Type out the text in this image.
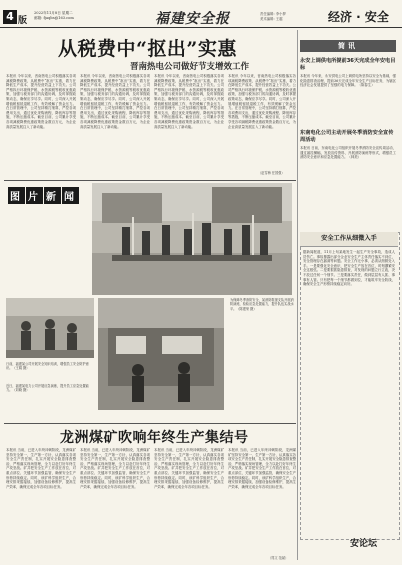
4 版
2022年11月8日 星期二
邮箱: fjaqbs@163.com	福建安全报	责任编辑: 李小梦
美术编辑: 王越	经济 · 安全
从税费中“抠出”实惠
晋南热电公司做好节支增效工作
本报讯 今年以来，晋南热电公司积极落实各项减税降费政策，从税费中“抠出”实惠，着力在降低生产成本、提升经营效益上下功夫。公司严格执行环境保护税、水资源税等税收优惠政策，加强与税务部门的沟通协调，及时掌握政策动态，确保应享尽享。同时，公司深入开展增值税留抵退税工作，有效缓解了资金压力。在日常管理中，公司坚持精打细算，严控各项费用支出，通过优化采购流程、降低库存等措施，不断压缩成本。截至目前，公司累计享受各项减税降费优惠政策资金数百万元，为企业高质量发展注入了新动能。
本报讯 今年以来，晋南热电公司积极落实各项减税降费政策，从税费中“抠出”实惠，着力在降低生产成本、提升经营效益上下功夫。公司严格执行环境保护税、水资源税等税收优惠政策，加强与税务部门的沟通协调，及时掌握政策动态，确保应享尽享。同时，公司深入开展增值税留抵退税工作，有效缓解了资金压力。在日常管理中，公司坚持精打细算，严控各项费用支出，通过优化采购流程、降低库存等措施，不断压缩成本。截至目前，公司累计享受各项减税降费优惠政策资金数百万元，为企业高质量发展注入了新动能。
本报讯 今年以来，晋南热电公司积极落实各项减税降费政策，从税费中“抠出”实惠，着力在降低生产成本、提升经营效益上下功夫。公司严格执行环境保护税、水资源税等税收优惠政策，加强与税务部门的沟通协调，及时掌握政策动态，确保应享尽享。同时，公司深入开展增值税留抵退税工作，有效缓解了资金压力。在日常管理中，公司坚持精打细算，严控各项费用支出，通过优化采购流程、降低库存等措施，不断压缩成本。截至目前，公司累计享受各项减税降费优惠政策资金数百万元，为企业高质量发展注入了新动能。
本报讯 今年以来，晋南热电公司积极落实各项减税降费政策，从税费中“抠出”实惠，着力在降低生产成本、提升经营效益上下功夫。公司严格执行环境保护税、水资源税等税收优惠政策，加强与税务部门的沟通协调，及时掌握政策动态，确保应享尽享。同时，公司深入开展增值税留抵退税工作，有效缓解了资金压力。在日常管理中，公司坚持精打细算，严控各项费用支出，通过优化采购流程、降低库存等措施，不断压缩成本。截至目前，公司累计享受各项减税降费优惠政策资金数百万元，为企业高质量发展注入了新动能。
（赵雪梅 任国强）
简讯
永安上调供电所提前36天完成全年安电目标
本报讯 今年来，永安供电公司上调供电所坚持以安全为基础，强化隐患排查治理，提前36天完成全年安全生产目标任务，为辖区经济社会发展提供了坚强的电力保障。（陈春生）
东南电化公司主动开展冬季消防安全宣传周活动
本报讯 日前，东南电化公司组织开展冬季消防安全宣传周活动，通过悬挂横幅、发放宣传资料、开展消防演练等形式，增强员工消防安全意识和应急处置能力。（林美）
图 片 新 闻
为保障冬季消防安全，某消防救援支队开展消防演练，检验应急处置能力，提升队伍实战水平。（陈建荣 摄）
日前，福建某公司开展安全知识培训，增强员工安全防护意识。（王娟 摄）
近日，福建某电力公司开展应急演练，提升员工应急处置能力。（刘晓 摄）
龙洲煤矿吹响年终生产集结号
本报讯 当前，已进入年终冲刺阶段，龙洲煤矿坚持安全第一，生产第一方针，认真落实各项安全生产责任制，扎实开展安全隐患排查整治，严格落实现场管理，全力以赴打好年终生产攻坚战。矿井把安全生产工作放在首位，对重点部位、关键环节加强监管，确保安全生产形势持续稳定。同时，该矿科学组织生产，合理安排采掘接续，加强设备检修维护，提高生产效率，确保完成全年各项目标任务。
本报讯 当前，已进入年终冲刺阶段，龙洲煤矿坚持安全第一，生产第一方针，认真落实各项安全生产责任制，扎实开展安全隐患排查整治，严格落实现场管理，全力以赴打好年终生产攻坚战。矿井把安全生产工作放在首位，对重点部位、关键环节加强监管，确保安全生产形势持续稳定。同时，该矿科学组织生产，合理安排采掘接续，加强设备检修维护，提高生产效率，确保完成全年各项目标任务。
本报讯 当前，已进入年终冲刺阶段，龙洲煤矿坚持安全第一，生产第一方针，认真落实各项安全生产责任制，扎实开展安全隐患排查整治，严格落实现场管理，全力以赴打好年终生产攻坚战。矿井把安全生产工作放在首位，对重点部位、关键环节加强监管，确保安全生产形势持续稳定。同时，该矿科学组织生产，合理安排采掘接续，加强设备检修维护，提高生产效率，确保完成全年各项目标任务。
本报讯 当前，已进入年终冲刺阶段，龙洲煤矿坚持安全第一，生产第一方针，认真落实各项安全生产责任制，扎实开展安全隐患排查整治，严格落实现场管理，全力以赴打好年终生产攻坚战。矿井把安全生产工作放在首位，对重点部位、关键环节加强监管，确保安全生产形势持续稳定。同时，该矿科学组织生产，合理安排采掘接续，加强设备检修维护，提高生产效率，确保完成全年各项目标任务。
（郑文 范斌）
安全工作从细微入手
据新闻报道，11月上旬某地发生一起生产安全事故，造成人员伤亡。事故暴露出部分企业安全生产主体责任落实不到位，安全管理存在漏洞等问题。安全工作无小事，必须从细微处入手。一是要强化安全意识，把安全生产放在首位，时刻绷紧安全这根弦。二是要狠抓隐患排查，对发现的问题立行立改，决不放过任何一个细节。三是要落实责任，做到层层有人抓、事事有人管。只有把每一个细节都做到位，才能筑牢安全防线，确保安全生产形势持续稳定向好。
安论坛
